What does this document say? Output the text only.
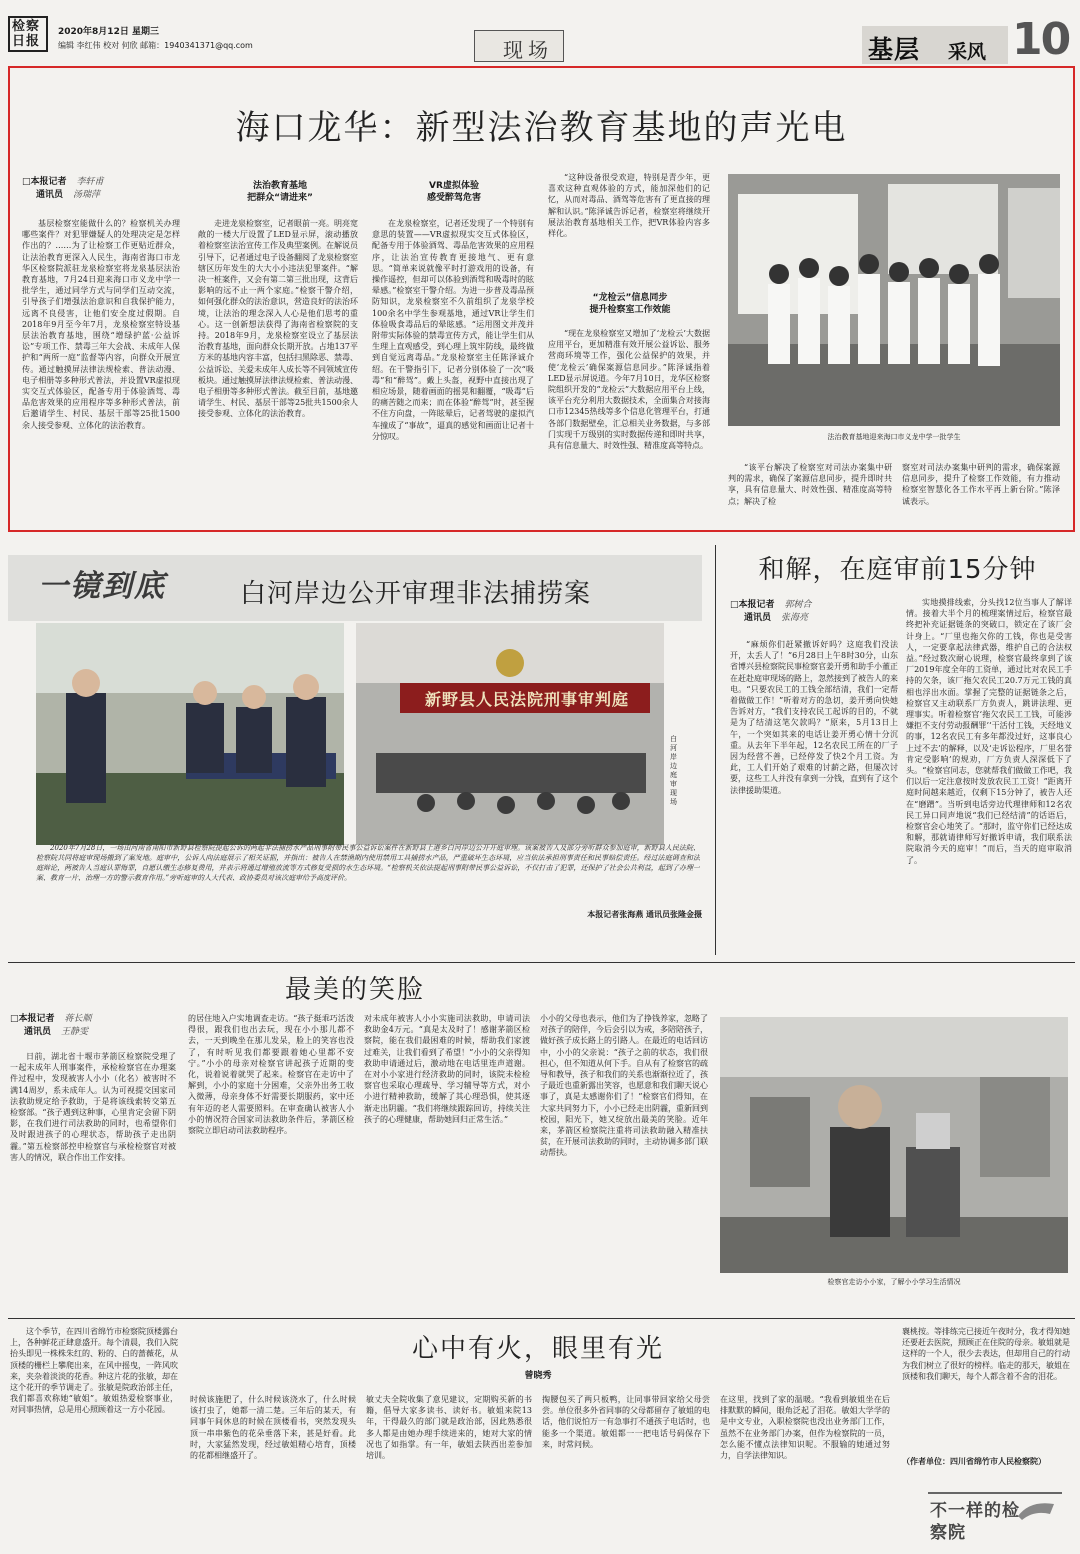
检察日报
2020年8月12日 星期三
编辑 李红伟 校对 何欣 邮箱：1940341371@qq.com	现场	基层 采风 10
海口龙华：新型法治教育基地的声光电
□本报记者 李轩甫
通讯员 汤瑞萍
基层检察室能做什么的？检察机关办理哪些案件？对犯罪嫌疑人的处理决定是怎样作出的？……为了让检察工作更贴近群众，让法治教育更深入人民生，海南省海口市龙华区检察院派驻龙泉检察室将龙泉基层法治教育基地，7月24日迎来海口市义龙中学一批学生，通过同学方式与同学们互动交流，引导孩子们增强法治意识和自我保护能力，远离不良侵害，让他们安全度过假期。自2018年9月至今年7月，龙泉检察室特设基层法治教育基地，围绕“增绿护蓝·公益诉讼”专项工作、禁毒三年大会战、未成年人保护和“两所一庭”监督等内容，向群众开展宣传。通过触摸屏法律法规检索、普法动漫、电子相册等多种形式普法，并设置VR虚拟现实交互式体验区，配备专用于体验酒驾、毒品危害效果的应用程序等多种形式普法，前后邀请学生、村民、基层干部等25批1500余人接受参观、立体化的法治教育。
法治教育基地
把群众“请进来”
走进龙泉检察室，记者眼前一亮。明亮宽敞的一楼大厅设置了LED显示屏，滚动播放着检察室法治宣传工作及典型案例。在解说员引导下，记者通过电子设备翻阅了龙泉检察室辖区历年发生的大大小小违法犯罪案件。“解决一桩案件，又会有第二第三批出现，这背后影响的远不止一两个家庭。”检察干警介绍，如何强化群众的法治意识，营造良好的法治环境，让法治的理念深入人心是他们思考的重心。这一创新想法获得了海南省检察院的支持。2018年9月，龙泉检察室设立了基层法治教育基地，面向群众长期开放。占地137平方米的基地内容丰富，包括扫黑除恶、禁毒、公益诉讼、关爱未成年人成长等不同领域宣传板块。通过触摸屏法律法规检索、普法动漫、电子相册等多种形式普法。截至目前，基地邀请学生、村民、基层干部等25批共1500余人接受参观、立体化的法治教育。
VR虚拟体验
感受醉驾危害
在龙泉检察室，记者还发现了一个特别有意思的装置——VR虚拟现实交互式体验区，配备专用于体验酒驾、毒品危害效果的应用程序，让法治宣传教育更接地气、更有意思。“简单来说就像平时打游戏用的设备，有操作遥控，但却可以体验到酒驾和吸毒时的眩晕感。”检察室干警介绍。为进一步普及毒品预防知识，龙泉检察室不久前组织了龙泉学校100余名中学生参观基地，通过VR让学生们体验吸食毒品后的晕眩感。“运用图文并茂并附带实际体验的禁毒宣传方式，能让学生们从生理上直观感受，到心理上筑牢防线，最终做到自觉远离毒品。”龙泉检察室主任陈泽诚介绍。在干警指引下，记者分别体验了一次“吸毒”和“醉驾”。戴上头盔，视野中直接出现了相应场景，随着画面的摇晃和翻覆，“吸毒”后的痛苦随之而来；而在体验“醉驾”时，甚至握不住方向盘，一阵眩晕后，记者驾驶的虚拟汽车撞成了“事故”，逼真的感觉和画面让记者十分惊叹。
“这种设备很受欢迎，特别是青少年，更喜欢这种直观体验的方式，能加深他们的记忆，从而对毒品、酒驾等危害有了更直接的理解和认识。”陈泽诚告诉记者，检察室将继续开展法治教育基地相关工作，把VR体验内容多样化。
“龙检云”信息同步
提升检察室工作效能
“现在龙泉检察室又增加了‘龙检云’大数据应用平台，更加精准有效开展公益诉讼、服务营商环境等工作，强化公益保护的效果，并使‘龙检云’确保案源信息同步。”陈泽诚指着LED显示屏说道。今年7月10日，龙华区检察院组织开发的“龙检云”大数据应用平台上线，该平台充分利用大数据技术，全面集合对接海口市12345热线等多个信息化管理平台，打通各部门数据壁垒，汇总相关业务数据，与多部门实现千万级别的实时数据传递和即时共享，具有信息量大、时效性强、精准度高等特点。
法治教育基地迎来海口市义龙中学一批学生
“该平台解决了检察室对司法办案集中研判的需求，确保了案源信息同步，提升即时共享，具有信息量大、时效性强、精准度高等特点；解决了检
察室对司法办案集中研判的需求，确保案源信息同步，提升了检察工作效能，有力推动检察室智慧化各工作水平再上新台阶。”陈泽诚表示。
一镜到底	白河岸边公开审理非法捕捞案
新野县人民法院刑事审判庭
白河岸边庭审现场
2020年7月28日，一场由河南省南阳市新野县检察院提起公诉的两起非法捕捞水产品刑事附带民事公益诉讼案件在新野县上港乡白河岸边公开开庭审理。该案被告人及部分旁听群众参加庭审，新野县人民法院、检察院共同将庭审现场搬到了案发地。庭审中，公诉人向法庭展示了相关证据，并指出：被告人在禁渔期内使用禁用工具捕捞水产品，严重破坏生态环境，应当依法承担刑事责任和民事赔偿责任。经过法庭调查和法庭辩论，两被告人当庭认罪悔罪，自愿认缴生态修复费用，并表示将通过增殖放流等方式修复受损的水生态环境。“检察机关依法提起刑事附带民事公益诉讼，不仅打击了犯罪，还保护了社会公共利益，起到了办理一案、教育一片、治理一方的警示教育作用。”旁听庭审的人大代表、政协委员对该次庭审给予高度评价。
本报记者张海燕 通讯员张隆金摄
和解，在庭审前15分钟
□本报记者 郭树合
通讯员 张海亮
“麻烦你们赶紧撤诉好吗？这庭我们没法开，太丢人了！”6月28日上午8时30分，山东省博兴县检察院民事检察官姜开勇和助手小董正在赶赴庭审现场的路上，忽然接到了被告人的来电。“只要农民工的工钱全部结清，我们一定帮着做做工作！”听着对方的急切，姜开勇向快她告诉对方，“我们支持农民工起诉的目的，不就是为了结清这笔欠款吗？”原来，5月13日上午，一个突如其来的电话让姜开勇心情十分沉重。从去年下半年起，12名农民工所在的厂子因为经营不善，已经停发了快2个月工资。为此，工人们开始了艰难的讨薪之路，但屡次讨要，这些工人并没有拿到一分钱，直到有了这个法律援助渠道。
实地摸排线索，分头找12位当事人了解详情。接着大半个月的梳理案情过后，检察官最终把补充证据链条的突破口，锁定在了该厂会计身上。“厂里也拖欠你的工钱，你也是受害人，一定要拿起法律武器，维护自己的合法权益。”经过数次耐心说理，检察官最终拿到了该厂2019年度全年的工资单，通过比对农民工手持的欠条，该厂拖欠农民工20.7万元工钱的真相也浮出水面。掌握了完整的证据链条之后，检察官又主动联系厂方负责人，跳讲法理、更理事实。听着检察官‘拖欠农民工工钱，可能涉嫌拒不支付劳动报酬罪’‘干活付工钱，天经地义的事，12名农民工有多年都没过好，这事良心上过不去’的解释，以及‘走诉讼程序，厂里名誉肯定受影响’的规劝，厂方负责人深深低下了头。“检察官同志，您就帮我们做做工作吧，我们以后一定注意按时发放农民工工资！”距离开庭时间越来越近，仅剩下15分钟了，被告人还在“磨蹭”。当听到电话旁边代理律师和12名农民工异口同声地说“我们已经结清”的话语后，检察官会心地笑了。“那时，监守你们已经达成和解，那就请律师写好撤诉申请，我们联系法院取消今天的庭审！”而后，当天的庭审取消了。
最美的笑脸
□本报记者 蒋长顺
通讯员 王静雯
日前，湖北省十堰市茅箭区检察院受理了一起未成年人刑事案件，承检检察官在办理案件过程中，发现被害人小小（化名）被害时不满14周岁，系未成年人。认为可视提交国家司法救助规定给予救助，于是将该线索转交第五检察部。“孩子遇到这种事，心里肯定会留下阴影，在我们进行司法救助的同时，也希望你们及时跟进孩子的心理状态，帮助孩子走出阴霾。”第五检察部控申检察官与承检检察官对被害人的情况，联合作出工作安排。
的居住地入户实地调查走访。“孩子挺乖巧活泼得很，跟我们也出去玩，现在小小那儿都不去，一天到晚坐在那儿发呆，脸上的笑容也没了，有时听见我们都要跟着她心里都不安宁。”小小的母亲对检察官讲起孩子近期的变化，说着说着就哭了起来。检察官在走访中了解到，小小的家庭十分困难，父亲外出务工收入微薄，母亲身体不好需要长期服药，家中还有年迈的老人需要照料。在审查确认被害人小小的情况符合国家司法救助条件后，茅箭区检察院立即启动司法救助程序。
对未成年被害人小小实施司法救助，申请司法救助金4万元。“真是太及时了！感谢茅箭区检察院，能在我们最困难的时候，帮助我们家渡过难关，让我们看到了希望！”小小的父亲得知救助申请通过后，激动地在电话里连声道谢。在对小小家进行经济救助的同时，该院未检检察官也采取心理疏导、学习辅导等方式，对小小进行精神救助，缓解了其心理恐惧，使其逐渐走出阴霾。“我们将继续跟踪回访，持续关注孩子的心理健康，帮助她回归正常生活。”
小小的父母也表示，他们为了挣钱养家，忽略了对孩子的陪伴，今后会引以为戒，多陪陪孩子，做好孩子成长路上的引路人。在最近的电话回访中，小小的父亲说：“孩子之前的状态，我们很担心，但不知道从何下手。自从有了检察官的疏导和教导，孩子和我们的关系也渐渐拉近了，孩子最近也重新露出笑容，也愿意和我们聊天说心事了，真是太感谢你们了！”检察官们得知，在大家共同努力下，小小已经走出阴霾，重新回到校园，阳光下，她又绽放出最美的笑脸。近年来，茅箭区检察院注重将司法救助融入精准扶贫，在开展司法救助的同时，主动协调多部门联动帮扶。
检察官走访小小家，了解小小学习生活情况
这个季节，在四川省绵竹市检察院顶楼露台上，各种鲜花正肆意盛开。每个清晨，我们入院抬头即见一株株朱红的、粉的、白的蔷薇花，从顶楼的栅栏上攀爬出来，在风中摇曳，一阵风吹来，夹杂着淡淡的花香。种这片花的张敏，却在这个花开的季节调走了。张敏是院政治部主任，我们都喜欢称她“敏姐”。敏姐热爱检察事业，对同事热情，总是用心照顾着这一方小花园。
心中有火，眼里有光
曾晓秀
时候该施肥了，什么时候该浇水了，什么时候该打虫了，她都一清二楚。三年后的某天，有同事午间休息的时候在顶楼看书，突然发现头顶一串串紫色的花朵垂落下来，甚是好看。此时，大家猛然发现，经过敏姐精心培育，顶楼的花都相继盛开了。
敏丈夫全院收集了意见建议，定期购买新的书籍，倡导大家多读书、读好书。敏姐来院13年，干得最久的部门就是政治部，因此熟悉很多人都是由她办理手续进来的，她对大家的情况也了如指掌。有一年，敏姐去陕西出差参加培训。
掏腰包买了两只板鸭，让同事带回家给父母尝尝。单位很多外省同事的父母都留存了敏姐的电话，他们说怕万一有急事打不通孩子电话时，也能多一个渠道。敏姐都一一把电话号码保存下来，时常问候。
在这里，找到了家的温暖。“我看到敏姐坐在后排默默的瞬间，眼角泛起了泪花。敏姐大学学的是中文专业，入职检察院也没出业务部门工作，虽然不在业务部门办案，但作为检察院的一员，怎么能不懂点法律知识呢。不服输的她通过努力，自学法律知识。
襄桃按。等排练完已接近午夜时分，我才得知她还要赶去医院，照顾正在住院的母亲。敏姐就是这样的一个人，很少去表达，但却用自己的行动为我们树立了很好的榜样。临走的那天，敏姐在顶楼和我们聊天，每个人都含着不舍的泪花。
（作者单位：四川省绵竹市人民检察院）
不一样的检察院
